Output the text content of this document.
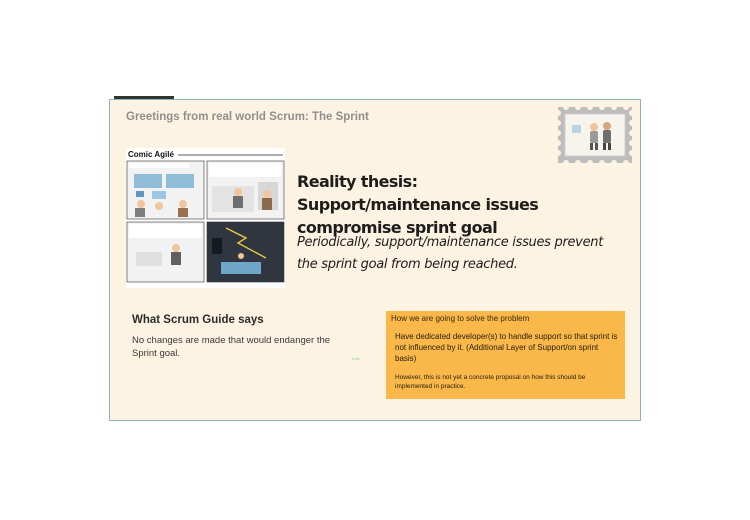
Greetings from real world Scrum: The Sprint
Comic Agilé
Reality thesis: Support/maintenance issues compromise sprint goal
Periodically, support/maintenance issues prevent the sprint goal from being reached.
What Scrum Guide says
No changes are made that would endanger the Sprint goal.	note
How we are going to solve the problem
Have dedicated developer(s) to handle support so that sprint is not influenced by it. (Additional Layer of Support/on sprint basis)
However, this is not yet a concrete proposal on how this should be implemented in practice.
